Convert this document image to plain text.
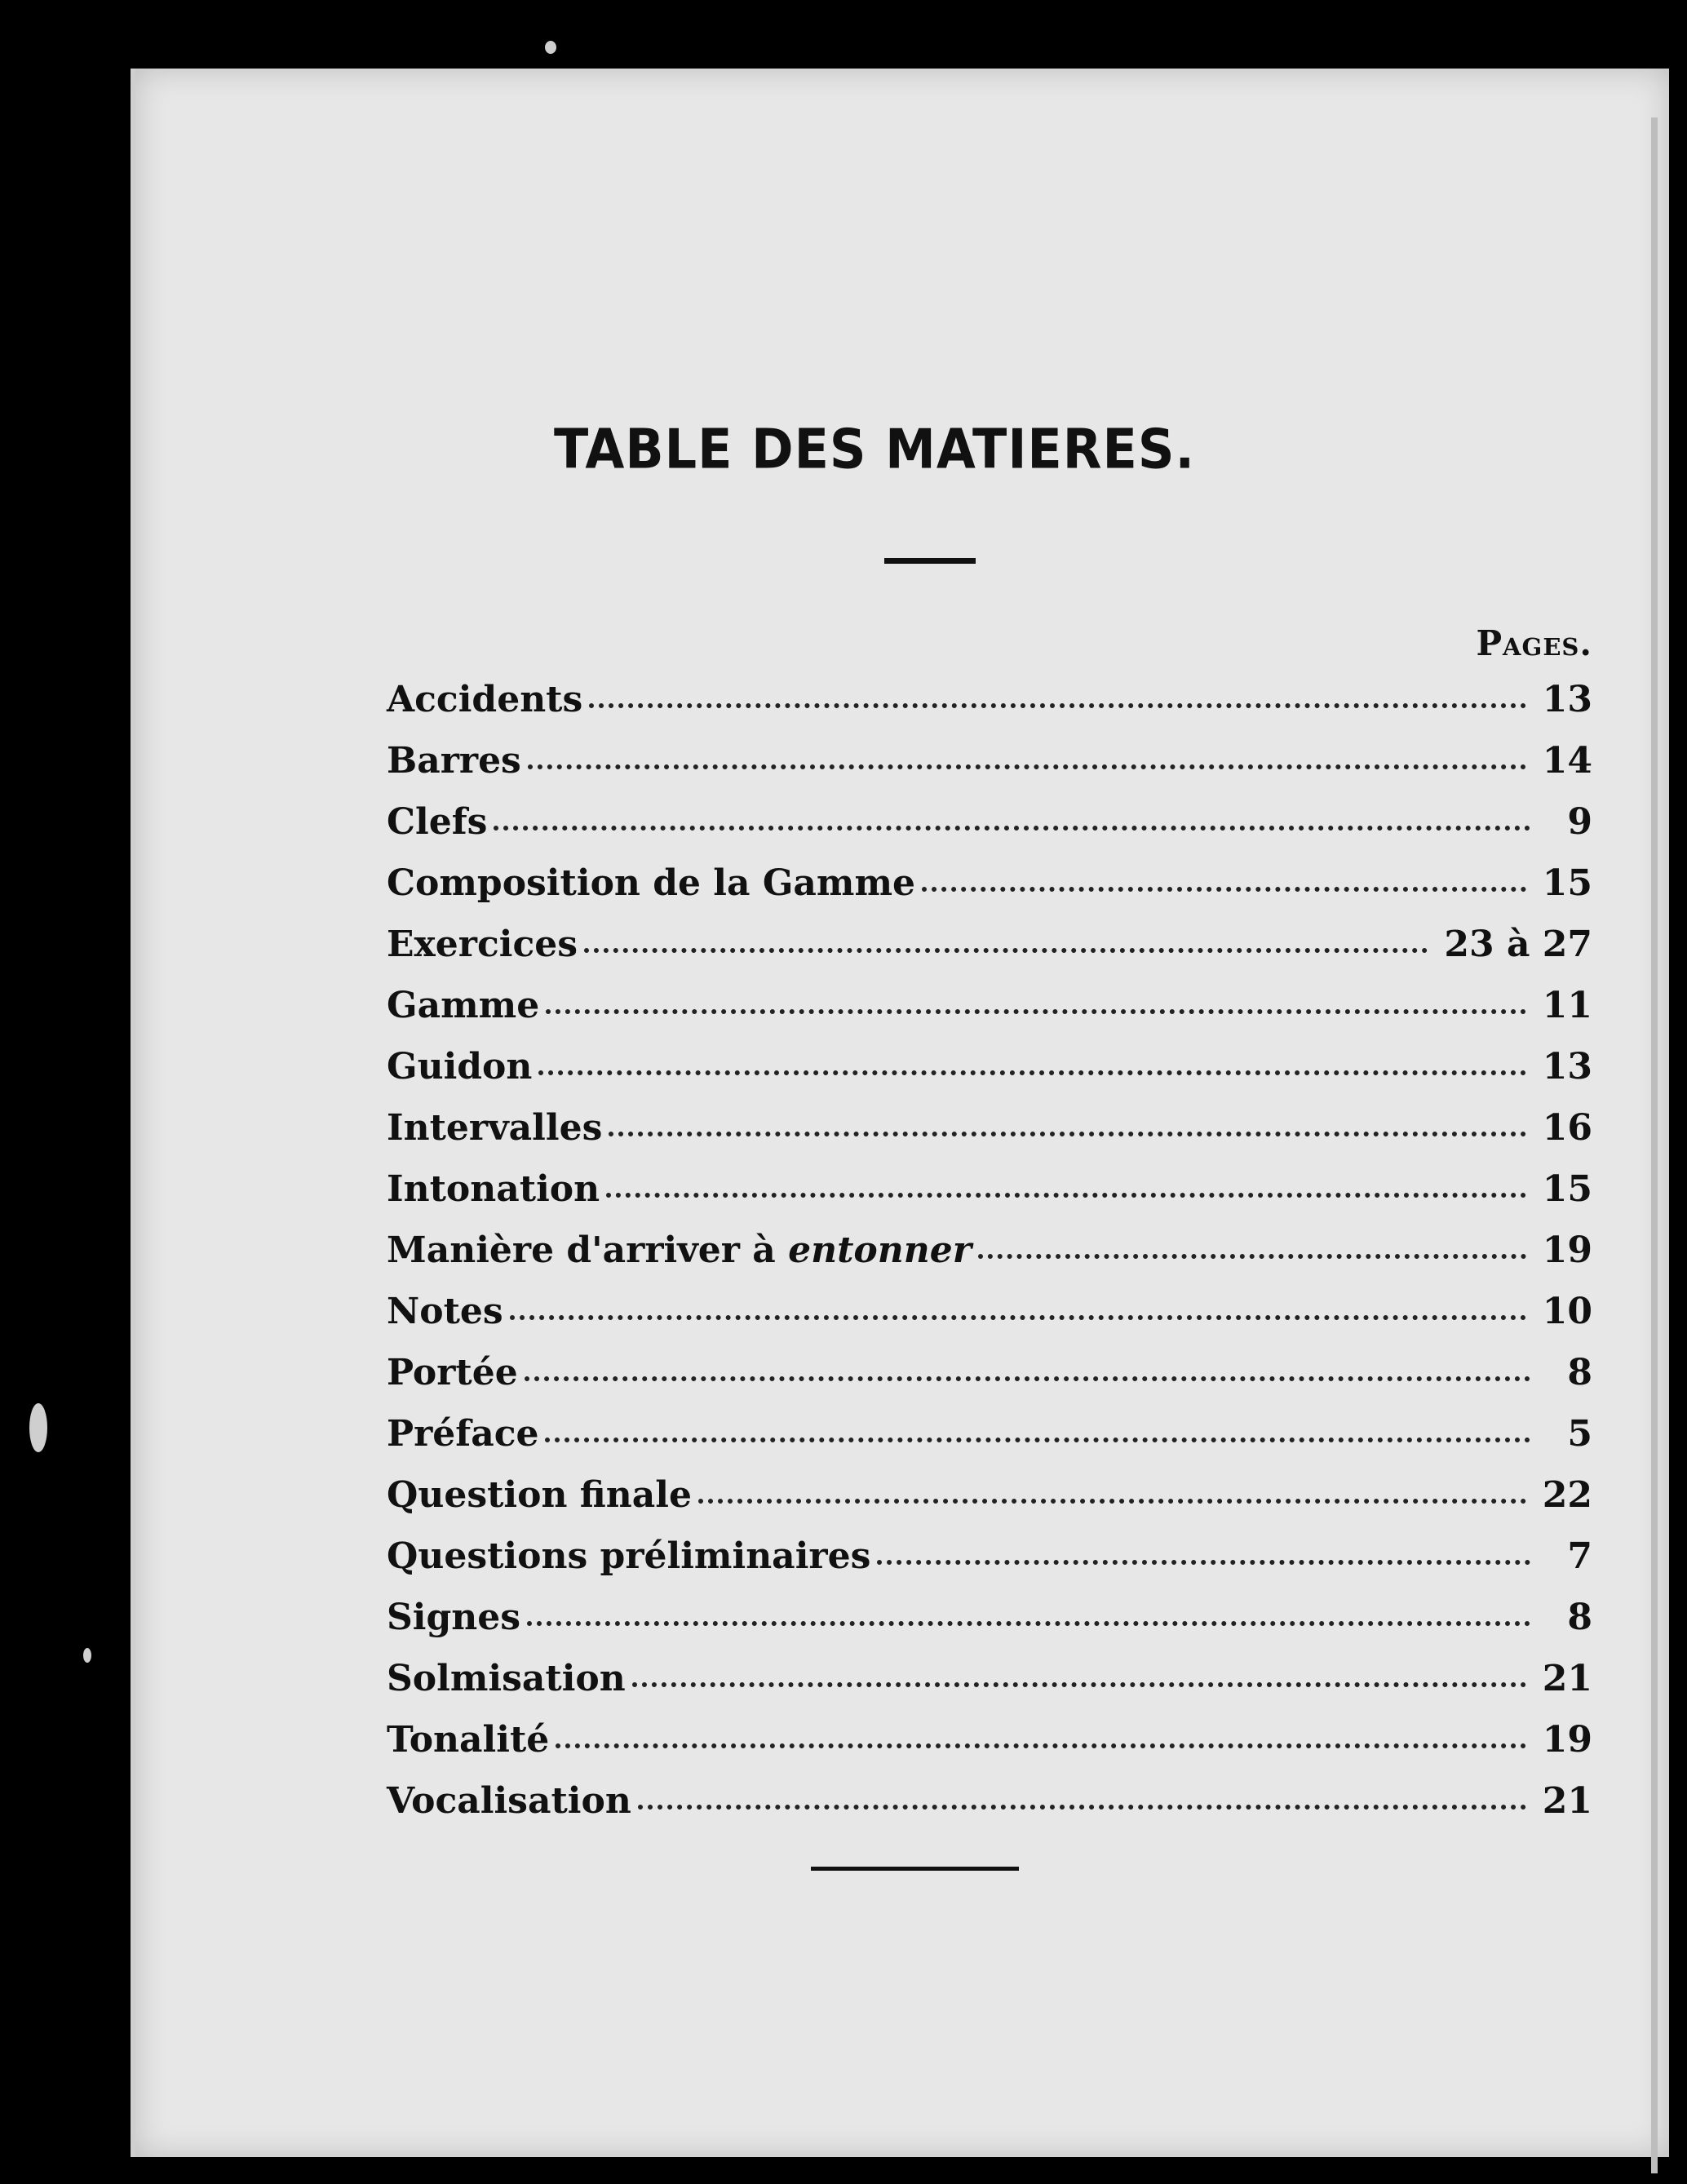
TABLE DES MATIERES.
Pages.
Accidents	13
Barres	14
Clefs	9
Composition de la Gamme	15
Exercices	23 à 27
Gamme	11
Guidon	13
Intervalles	16
Intonation	15
Manière d'arriver à entonner	19
Notes	10
Portée	8
Préface	5
Question finale	22
Questions préliminaires	7
Signes	8
Solmisation	21
Tonalité	19
Vocalisation	21
